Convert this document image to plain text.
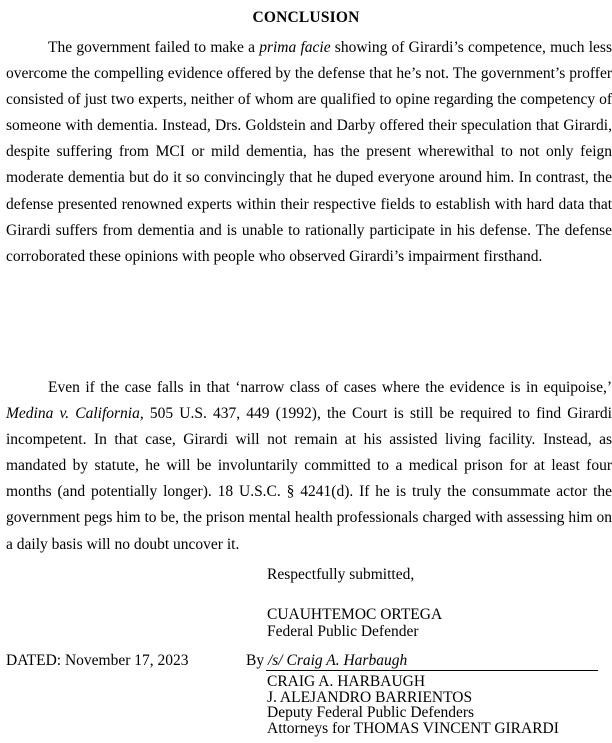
CONCLUSION

The government failed to make a prima facie showing of Girardi’s competence, much less overcome the compelling evidence offered by the defense that he’s not. The government’s proffer consisted of just two experts, neither of whom are qualified to opine regarding the competency of someone with dementia. Instead, Drs. Goldstein and Darby offered their speculation that Girardi, despite suffering from MCI or mild dementia, has the present wherewithal to not only feign moderate dementia but do it so convincingly that he duped everyone around him. In contrast, the defense presented renowned experts within their respective fields to establish with hard data that Girardi suffers from dementia and is unable to rationally participate in his defense. The defense corroborated these opinions with people who observed Girardi’s impairment firsthand.

Even if the case falls in that ‘narrow class of cases where the evidence is in equipoise,’ Medina v. California, 505 U.S. 437, 449 (1992), the Court is still be required to find Girardi incompetent. In that case, Girardi will not remain at his assisted living facility. Instead, as mandated by statute, he will be involuntarily committed to a medical prison for at least four months (and potentially longer). 18 U.S.C. § 4241(d). If he is truly the consummate actor the government pegs him to be, the prison mental health professionals charged with assessing him on a daily basis will no doubt uncover it.

Respectfully submitted,
CUAUHTEMOC ORTEGA
Federal Public Defender
DATED: November 17, 2023	By /s/ Craig A. Harbaugh
CRAIG A. HARBAUGH
J. ALEJANDRO BARRIENTOS
Deputy Federal Public Defenders
Attorneys for THOMAS VINCENT GIRARDI
